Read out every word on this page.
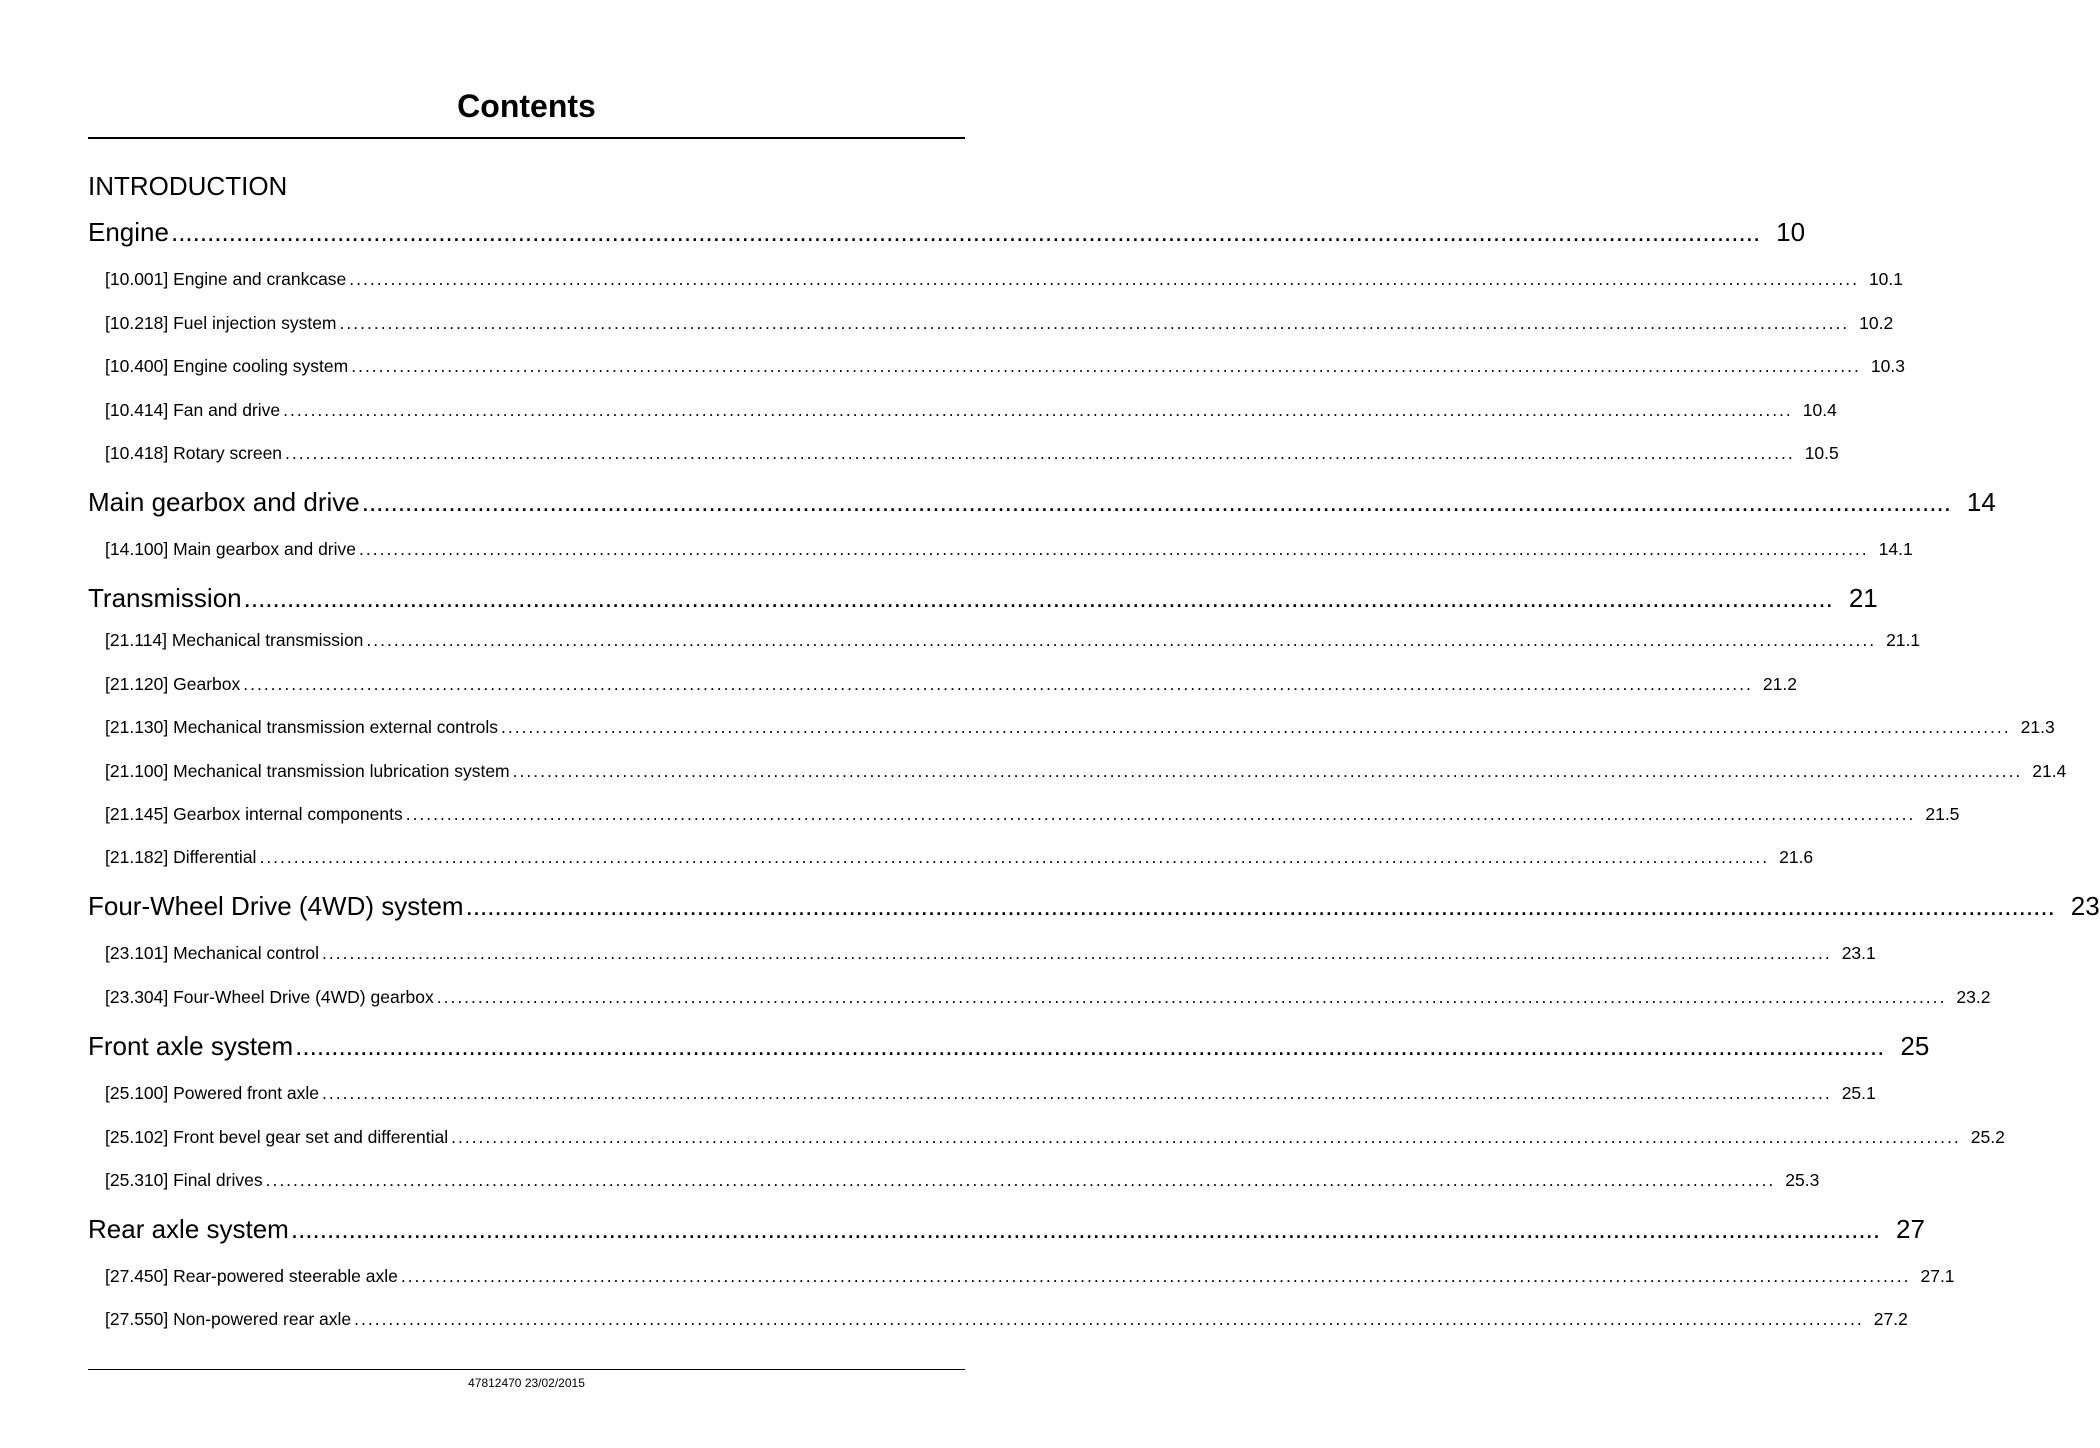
Contents
INTRODUCTION
Engine ............................................................................................................................................................................................................................ 10
[10.001] Engine and crankcase ............................................................................................................................................................................................................................ 10.1
[10.218] Fuel injection system ............................................................................................................................................................................................................................ 10.2
[10.400] Engine cooling system ............................................................................................................................................................................................................................ 10.3
[10.414] Fan and drive ............................................................................................................................................................................................................................ 10.4
[10.418] Rotary screen ............................................................................................................................................................................................................................ 10.5
Main gearbox and drive ............................................................................................................................................................................................................................ 14
[14.100] Main gearbox and drive ............................................................................................................................................................................................................................ 14.1
Transmission ............................................................................................................................................................................................................................ 21
[21.114] Mechanical transmission ............................................................................................................................................................................................................................ 21.1
[21.120] Gearbox ............................................................................................................................................................................................................................ 21.2
[21.130] Mechanical transmission external controls ............................................................................................................................................................................................................................ 21.3
[21.100] Mechanical transmission lubrication system ............................................................................................................................................................................................................................ 21.4
[21.145] Gearbox internal components ............................................................................................................................................................................................................................ 21.5
[21.182] Differential ............................................................................................................................................................................................................................ 21.6
Four-Wheel Drive (4WD) system ............................................................................................................................................................................................................................ 23
[23.101] Mechanical control ............................................................................................................................................................................................................................ 23.1
[23.304] Four-Wheel Drive (4WD) gearbox ............................................................................................................................................................................................................................ 23.2
Front axle system ............................................................................................................................................................................................................................ 25
[25.100] Powered front axle ............................................................................................................................................................................................................................ 25.1
[25.102] Front bevel gear set and differential ............................................................................................................................................................................................................................ 25.2
[25.310] Final drives ............................................................................................................................................................................................................................ 25.3
Rear axle system ............................................................................................................................................................................................................................ 27
[27.450] Rear-powered steerable axle ............................................................................................................................................................................................................................ 27.1
[27.550] Non-powered rear axle ............................................................................................................................................................................................................................ 27.2
47812470 23/02/2015
